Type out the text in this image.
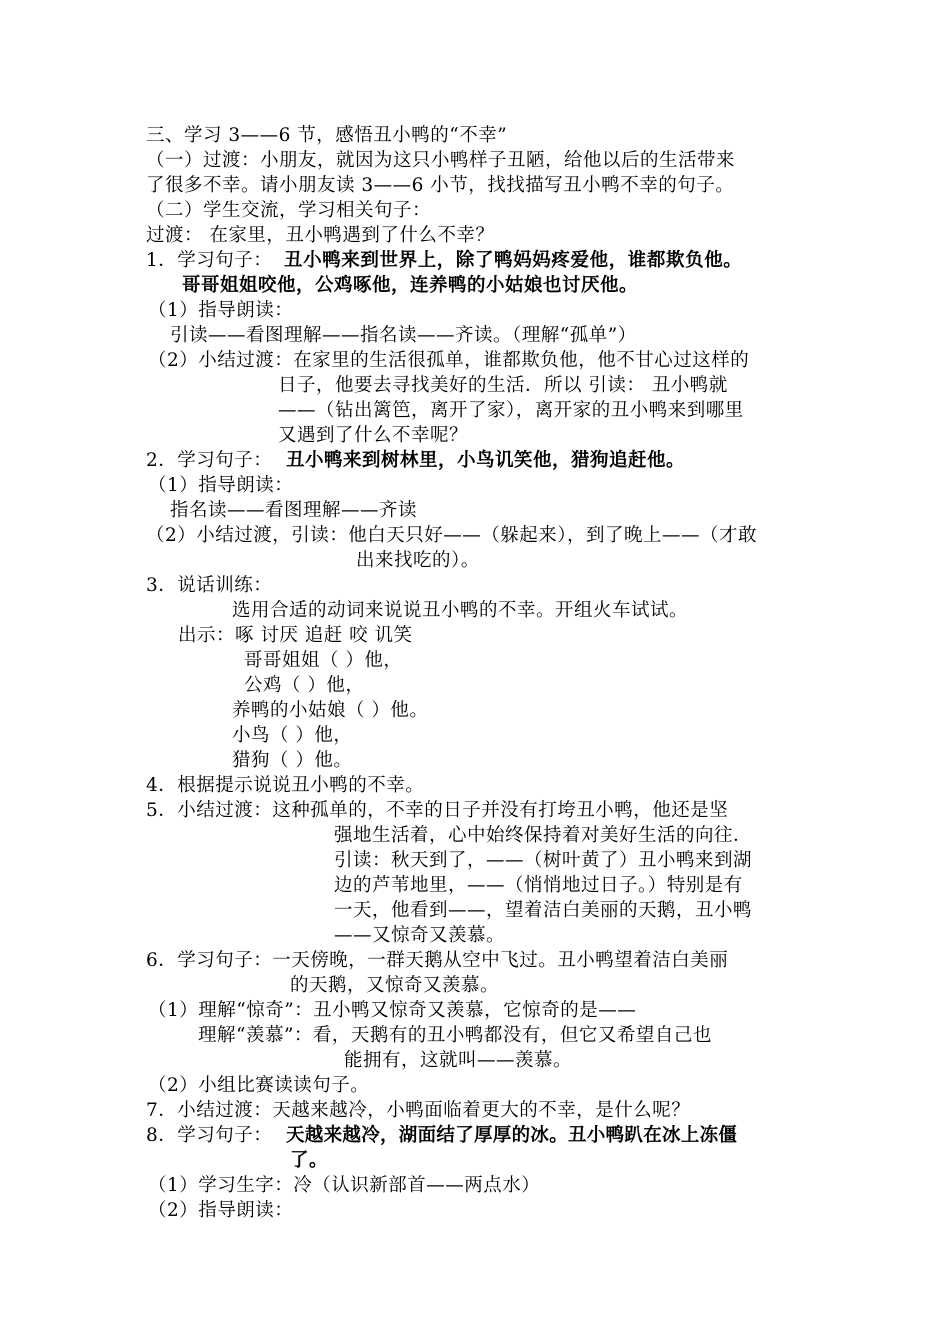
三、学习 3——6 节，感悟丑小鸭的“不幸”
（一）过渡：小朋友，就因为这只小鸭样子丑陋，给他以后的生活带来
了很多不幸。请小朋友读 3——6 小节，找找描写丑小鸭不幸的句子。
（二）学生交流，学习相关句子：
过渡： 在家里，丑小鸭遇到了什么不幸？
1．学习句子： 丑小鸭来到世界上，除了鸭妈妈疼爱他，谁都欺负他。
哥哥姐姐咬他，公鸡啄他，连养鸭的小姑娘也讨厌他。
（1）指导朗读：
引读——看图理解——指名读——齐读。（理解“孤单”）
（2）小结过渡：在家里的生活很孤单，谁都欺负他，他不甘心过这样的
日子，他要去寻找美好的生活．所以 引读： 丑小鸭就
——（钻出篱笆，离开了家），离开家的丑小鸭来到哪里
又遇到了什么不幸呢？
2．学习句子： 丑小鸭来到树林里，小鸟讥笑他，猎狗追赶他。
（1）指导朗读：
指名读——看图理解——齐读
（2）小结过渡，引读：他白天只好——（躲起来），到了晚上——（才敢
出来找吃的）。
3．说话训练：
选用合适的动词来说说丑小鸭的不幸。开组火车试试。
出示：啄 讨厌 追赶 咬 讥笑
哥哥姐姐（ ）他，
公鸡（ ）他，
养鸭的小姑娘（ ）他。
小鸟（ ）他，
猎狗（ ）他。
4．根据提示说说丑小鸭的不幸。
5．小结过渡：这种孤单的，不幸的日子并没有打垮丑小鸭，他还是坚
强地生活着，心中始终保持着对美好生活的向往．
引读：秋天到了，——（树叶黄了）丑小鸭来到湖
边的芦苇地里，——（悄悄地过日子。）特别是有
一天，他看到——，望着洁白美丽的天鹅，丑小鸭
——又惊奇又羡慕。
6．学习句子：一天傍晚，一群天鹅从空中飞过。丑小鸭望着洁白美丽
的天鹅，又惊奇又羡慕。
（1）理解“惊奇”：丑小鸭又惊奇又羡慕，它惊奇的是——
理解“羡慕”：看，天鹅有的丑小鸭都没有，但它又希望自己也
能拥有，这就叫——羡慕。
（2）小组比赛读读句子。
7．小结过渡：天越来越冷，小鸭面临着更大的不幸，是什么呢？
8．学习句子： 天越来越冷，湖面结了厚厚的冰。丑小鸭趴在冰上冻僵
了。
（1）学习生字：冷（认识新部首——两点水）
（2）指导朗读：
